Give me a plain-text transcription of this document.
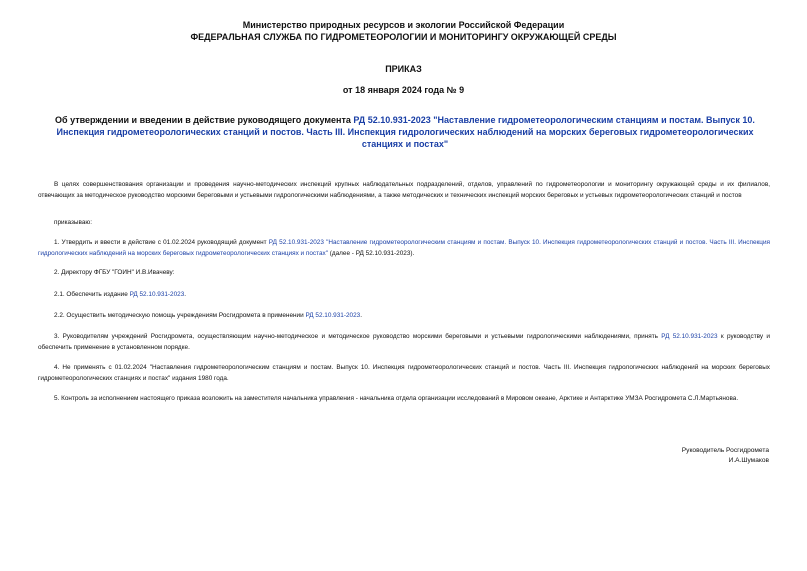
Министерство природных ресурсов и экологии Российской Федерации
ФЕДЕРАЛЬНАЯ СЛУЖБА ПО ГИДРОМЕТЕОРОЛОГИИ И МОНИТОРИНГУ ОКРУЖАЮЩЕЙ СРЕДЫ
ПРИКАЗ
от 18 января 2024 года № 9
Об утверждении и введении в действие руководящего документа РД 52.10.931-2023 "Наставление гидрометеорологическим станциям и постам. Выпуск 10. Инспекция гидрометеорологических станций и постов. Часть III. Инспекция гидрологических наблюдений на морских береговых гидрометеорологических станциях и постах"

В целях совершенствования организации и проведения научно-методических инспекций крупных наблюдательных подразделений, отделов, управлений по гидрометеорологии и мониторингу окружающей среды и их филиалов, отвечающих за методическое руководство морскими береговыми и устьевыми гидрологическими наблюдениями, а также методических и технических инспекций морских береговых и устьевых гидрометеорологических станций и постов

приказываю:

1. Утвердить и ввести в действие с 01.02.2024 руководящий документ РД 52.10.931-2023 "Наставление гидрометеорологическим станциям и постам. Выпуск 10. Инспекция гидрометеорологических станций и постов. Часть III. Инспекция гидрологических наблюдений на морских береговых гидрометеорологических станциях и постах" (далее - РД 52.10.931-2023).

2. Директору ФГБУ "ГОИН" И.В.Ивачеву:

2.1. Обеспечить издание РД 52.10.931-2023.

2.2. Осуществить методическую помощь учреждениям Росгидромета в применении РД 52.10.931-2023.

3. Руководителям учреждений Росгидромета, осуществляющим научно-методическое и методическое руководство морскими береговыми и устьевыми гидрологическими наблюдениями, принять РД 52.10.931-2023 к руководству и обеспечить применение в установленном порядке.

4. Не применять с 01.02.2024 "Наставления гидрометеорологическим станциям и постам. Выпуск 10. Инспекция гидрометеорологических станций и постов. Часть III. Инспекция гидрологических наблюдений на морских береговых гидрометеорологических станциях и постах" издания 1980 года.

5. Контроль за исполнением настоящего приказа возложить на заместителя начальника управления - начальника отдела организации исследований в Мировом океане, Арктике и Антарктике УМЗА Росгидромета С.Л.Мартьянова.

Руководитель Росгидромета
И.А.Шумаков
